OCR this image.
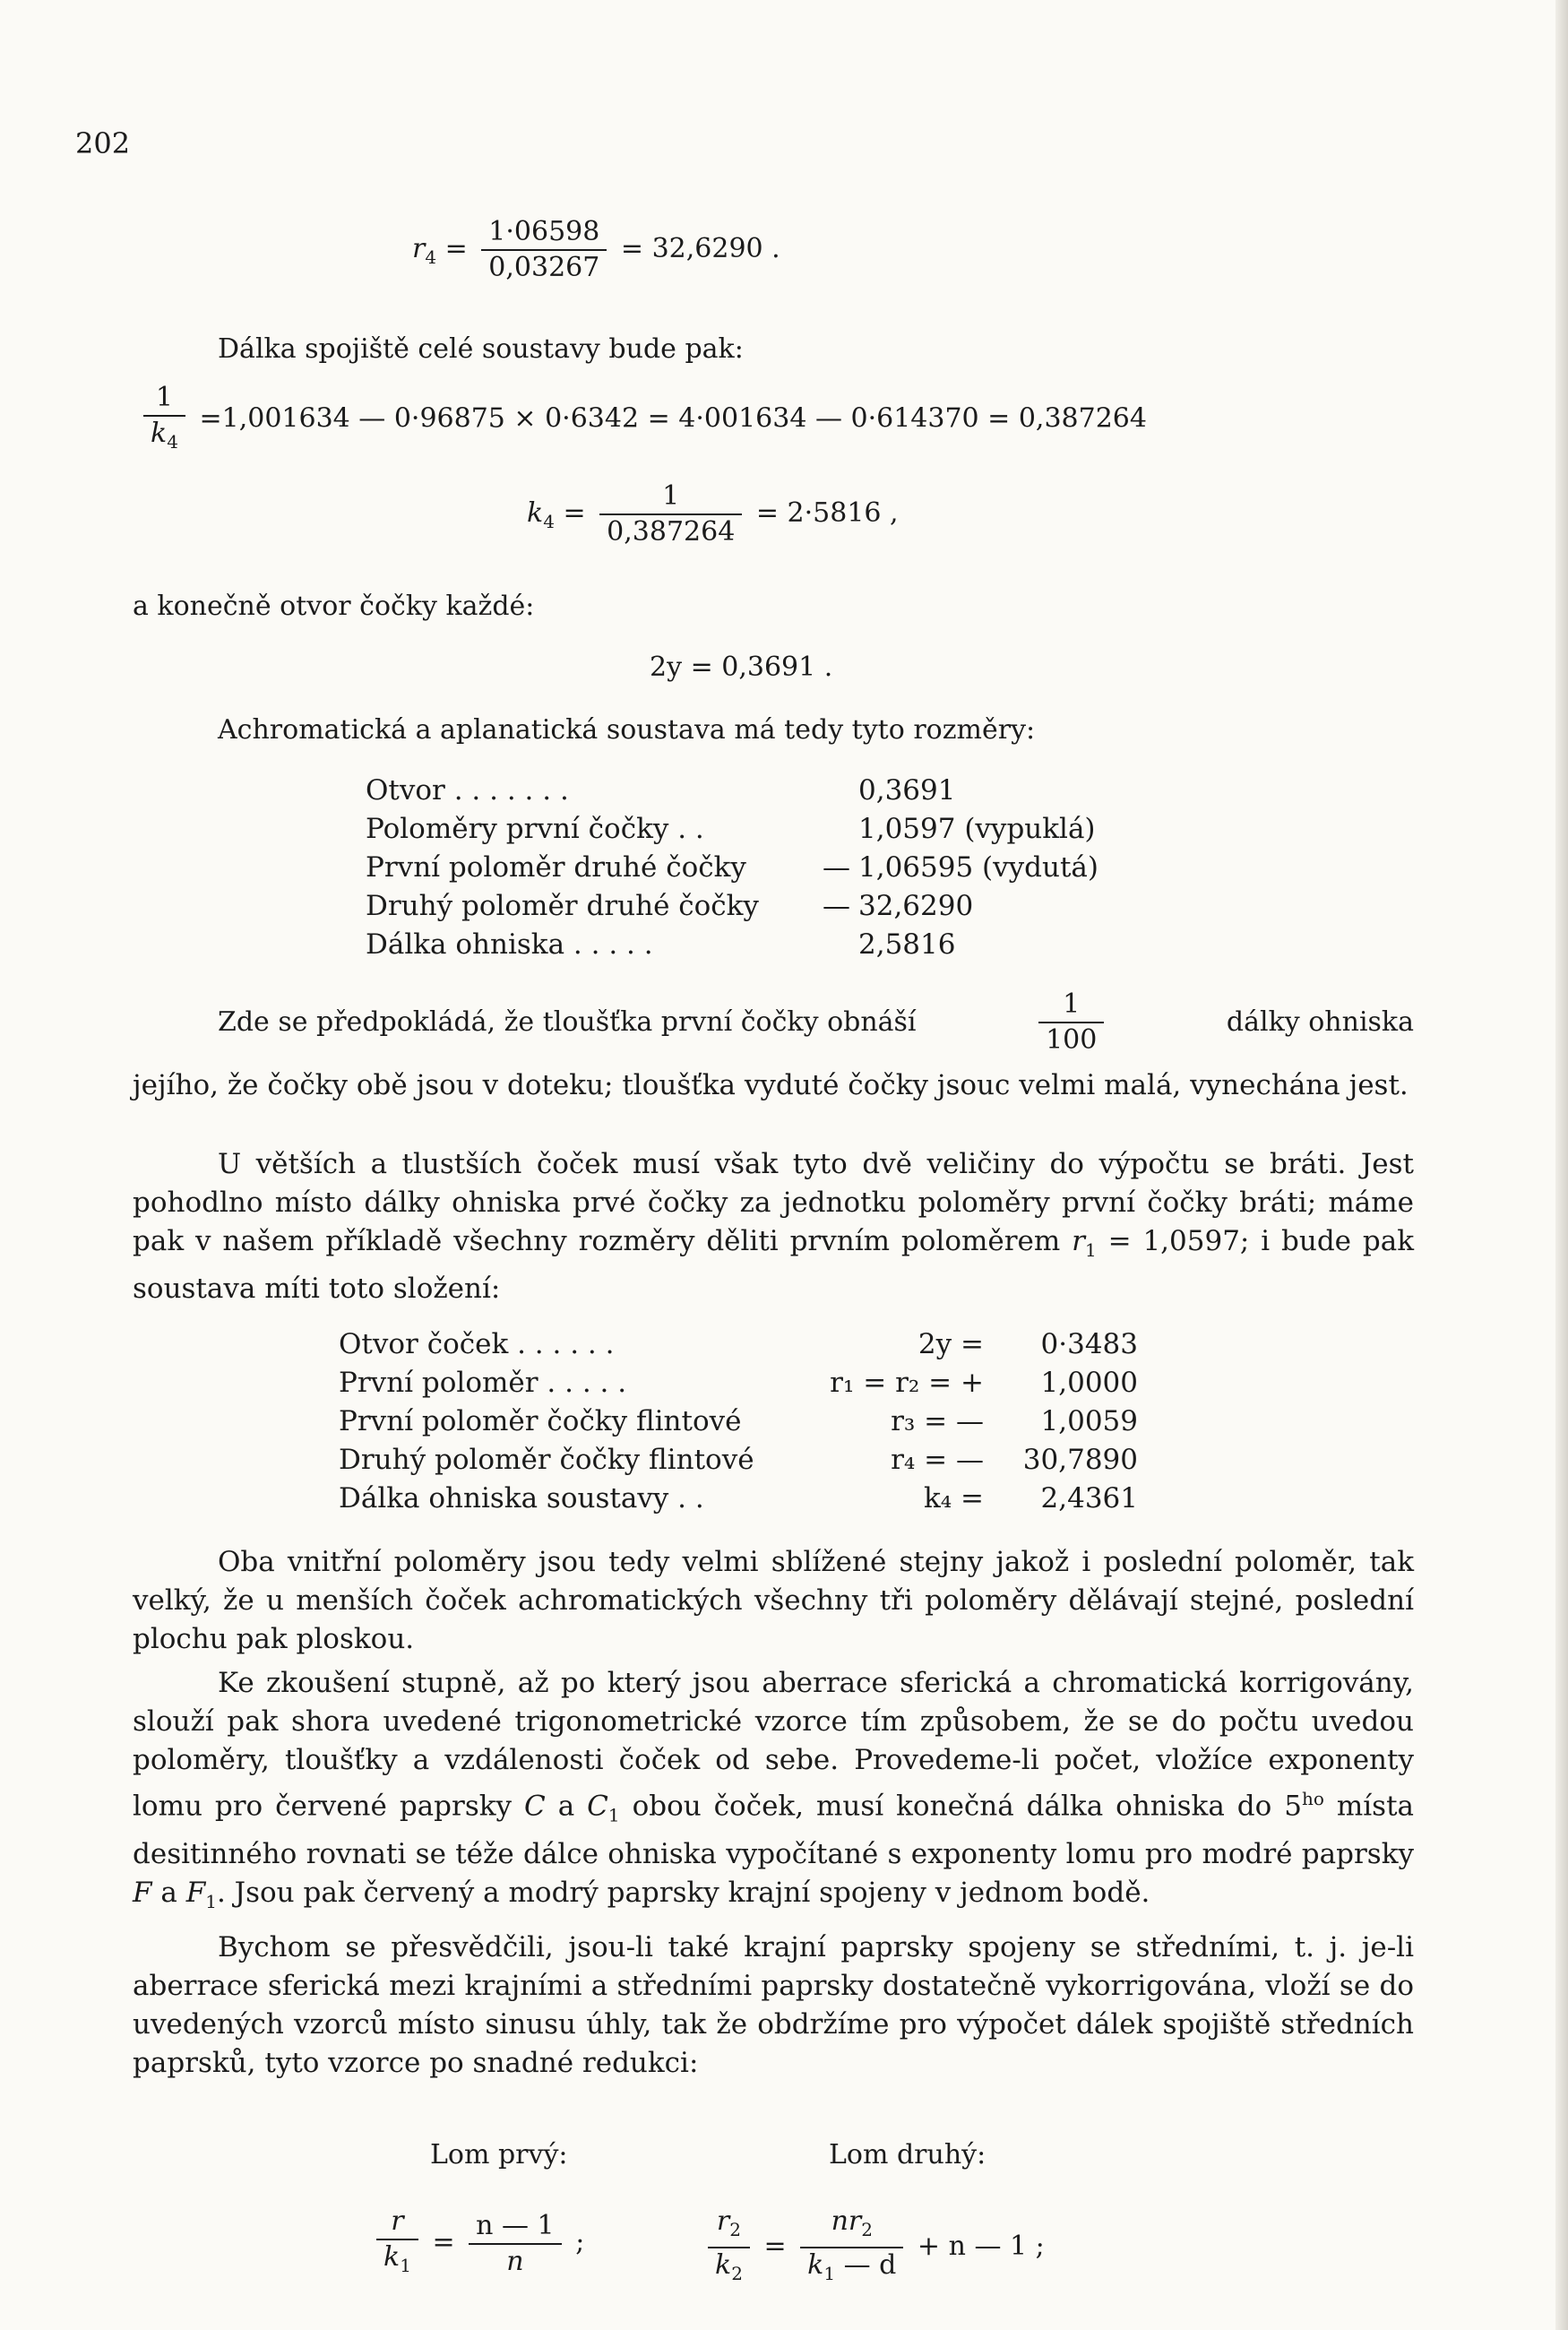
202
$r_4 = \frac{1\cdot 06598}{0,03267} = 32,6290$ .
Dálka spojiště celé soustavy bude pak:
$\frac{1}{k_4} =1,001634$ — 0·96875 × 0·6342 = 4·001634 — 0·614370 = 0,387264
$k_4 = \frac{1}{0,387264} = 2\cdot 5816$ ,
a konečně otvor čočky každé:
2y = 0,3691 .
Achromatická a aplanatická soustava má tedy tyto rozměry:
Otvor . . . . . . .		0,3691
Poloměry první čočky . .		1,0597 (vypuklá)
První poloměr druhé čočky	—	1,06595 (vydutá)
Druhý poloměr druhé čočky	—	32,6290
Dálka ohniska . . . . .		2,5816
Zde se předpokládá, že tloušťka první čočky obnáší	$\frac{1}{100}$	dálky ohniska

jejího, že čočky obě jsou v doteku; tloušťka vyduté čočky jsouc velmi malá, vynechána jest.

U větších a tlustších čoček musí však tyto dvě veličiny do výpočtu se bráti. Jest pohodlno místo dálky ohniska prvé čočky za jednotku poloměry první čočky bráti; máme pak v našem příkladě všechny rozměry děliti prvním poloměrem $r_1 = 1,0597$; i bude pak soustava míti toto složení:

Otvor čoček . . . . . .	2y =	0·3483
První poloměr . . . . .	r₁ = r₂ = +	1,0000
První poloměr čočky flintové	r₃ = —	1,0059
Druhý poloměr čočky flintové	r₄ = —	30,7890
Dálka ohniska soustavy . .	k₄ =	2,4361

Oba vnitřní poloměry jsou tedy velmi sblížené stejny jakož i poslední poloměr, tak velký, že u menších čoček achromatických všechny tři poloměry dělávají stejné, poslední plochu pak ploskou.

Ke zkoušení stupně, až po který jsou aberrace sferická a chromatická korrigovány, slouží pak shora uvedené trigonometrické vzorce tím způsobem, že se do počtu uvedou poloměry, tloušťky a vzdálenosti čoček od sebe. Provedeme-li počet, vložíce exponenty lomu pro červené paprsky C a $C_1$ obou čoček, musí konečná dálka ohniska do $5^{ho}$ místa desitinného rovnati se téže dálce ohniska vypočítané s exponenty lomu pro modré paprsky F a $F_1$. Jsou pak červený a modrý paprsky krajní spojeny v jednom bodě.

Bychom se přesvědčili, jsou-li také krajní paprsky spojeny se středními, t. j. je-li aberrace sferická mezi krajními a středními paprsky dostatečně vykorrigována, vloží se do uvedených vzorců místo sinusu úhly, tak že obdržíme pro výpočet dálek spojiště středních paprsků, tyto vzorce po snadné redukci:

Lom prvý:	Lom druhý:
$\frac{r}{k_1} = \frac{n — 1}{n}$ ;	$\frac{r_2}{k_2} = \frac{nr_2}{k_1 — d} + n$ — 1 ;
